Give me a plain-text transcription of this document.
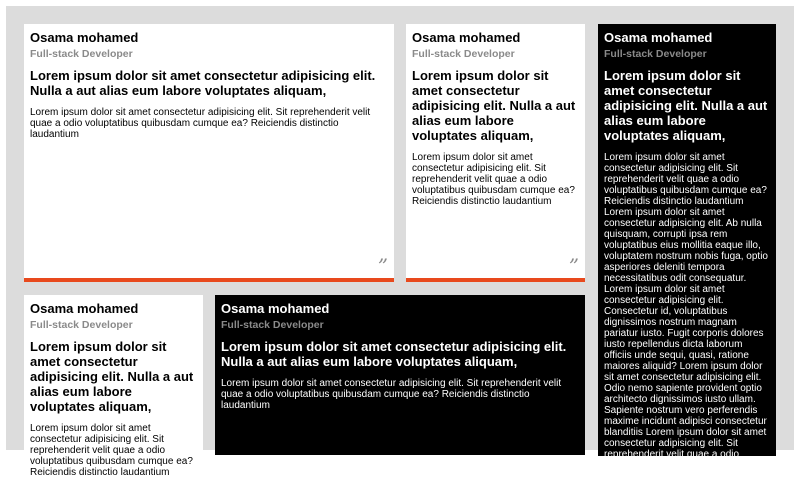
Osama mohamed
Full-stack Developer
Lorem ipsum dolor sit amet consectetur adipisicing elit. Nulla a aut alias eum labore voluptates aliquam,

Lorem ipsum dolor sit amet consectetur adipisicing elit. Sit reprehenderit velit quae a odio voluptatibus quibusdam cumque ea? Reiciendis distinctio laudantium

”
Osama mohamed
Full-stack Developer
Lorem ipsum dolor sit amet consectetur adipisicing elit. Nulla a aut alias eum labore voluptates aliquam,

Lorem ipsum dolor sit amet consectetur adipisicing elit. Sit reprehenderit velit quae a odio voluptatibus quibusdam cumque ea? Reiciendis distinctio laudantium

”
Osama mohamed
Full-stack Developer
Lorem ipsum dolor sit amet consectetur adipisicing elit. Nulla a aut alias eum labore voluptates aliquam,

Lorem ipsum dolor sit amet consectetur adipisicing elit. Sit reprehenderit velit quae a odio voluptatibus quibusdam cumque ea? Reiciendis distinctio laudantium Lorem ipsum dolor sit amet consectetur adipisicing elit. Ab nulla quisquam, corrupti ipsa rem voluptatibus eius mollitia eaque illo, voluptatem nostrum nobis fuga, optio asperiores deleniti tempora necessitatibus odit consequatur. Lorem ipsum dolor sit amet consectetur adipisicing elit. Consectetur id, voluptatibus dignissimos nostrum magnam pariatur iusto. Fugit corporis dolores iusto repellendus dicta laborum officiis unde sequi, quasi, ratione maiores aliquid? Lorem ipsum dolor sit amet consectetur adipisicing elit. Odio nemo sapiente provident optio architecto dignissimos iusto ullam. Sapiente nostrum vero perferendis maxime incidunt adipisci consectetur blanditiis Lorem ipsum dolor sit amet consectetur adipisicing elit. Sit reprehenderit velit quae a odio

Osama mohamed
Full-stack Developer
Lorem ipsum dolor sit amet consectetur adipisicing elit. Nulla a aut alias eum labore voluptates aliquam,

Lorem ipsum dolor sit amet consectetur adipisicing elit. Sit reprehenderit velit quae a odio voluptatibus quibusdam cumque ea? Reiciendis distinctio laudantium

Osama mohamed
Full-stack Developer
Lorem ipsum dolor sit amet consectetur adipisicing elit. Nulla a aut alias eum labore voluptates aliquam,

Lorem ipsum dolor sit amet consectetur adipisicing elit. Sit reprehenderit velit quae a odio voluptatibus quibusdam cumque ea? Reiciendis distinctio laudantium
